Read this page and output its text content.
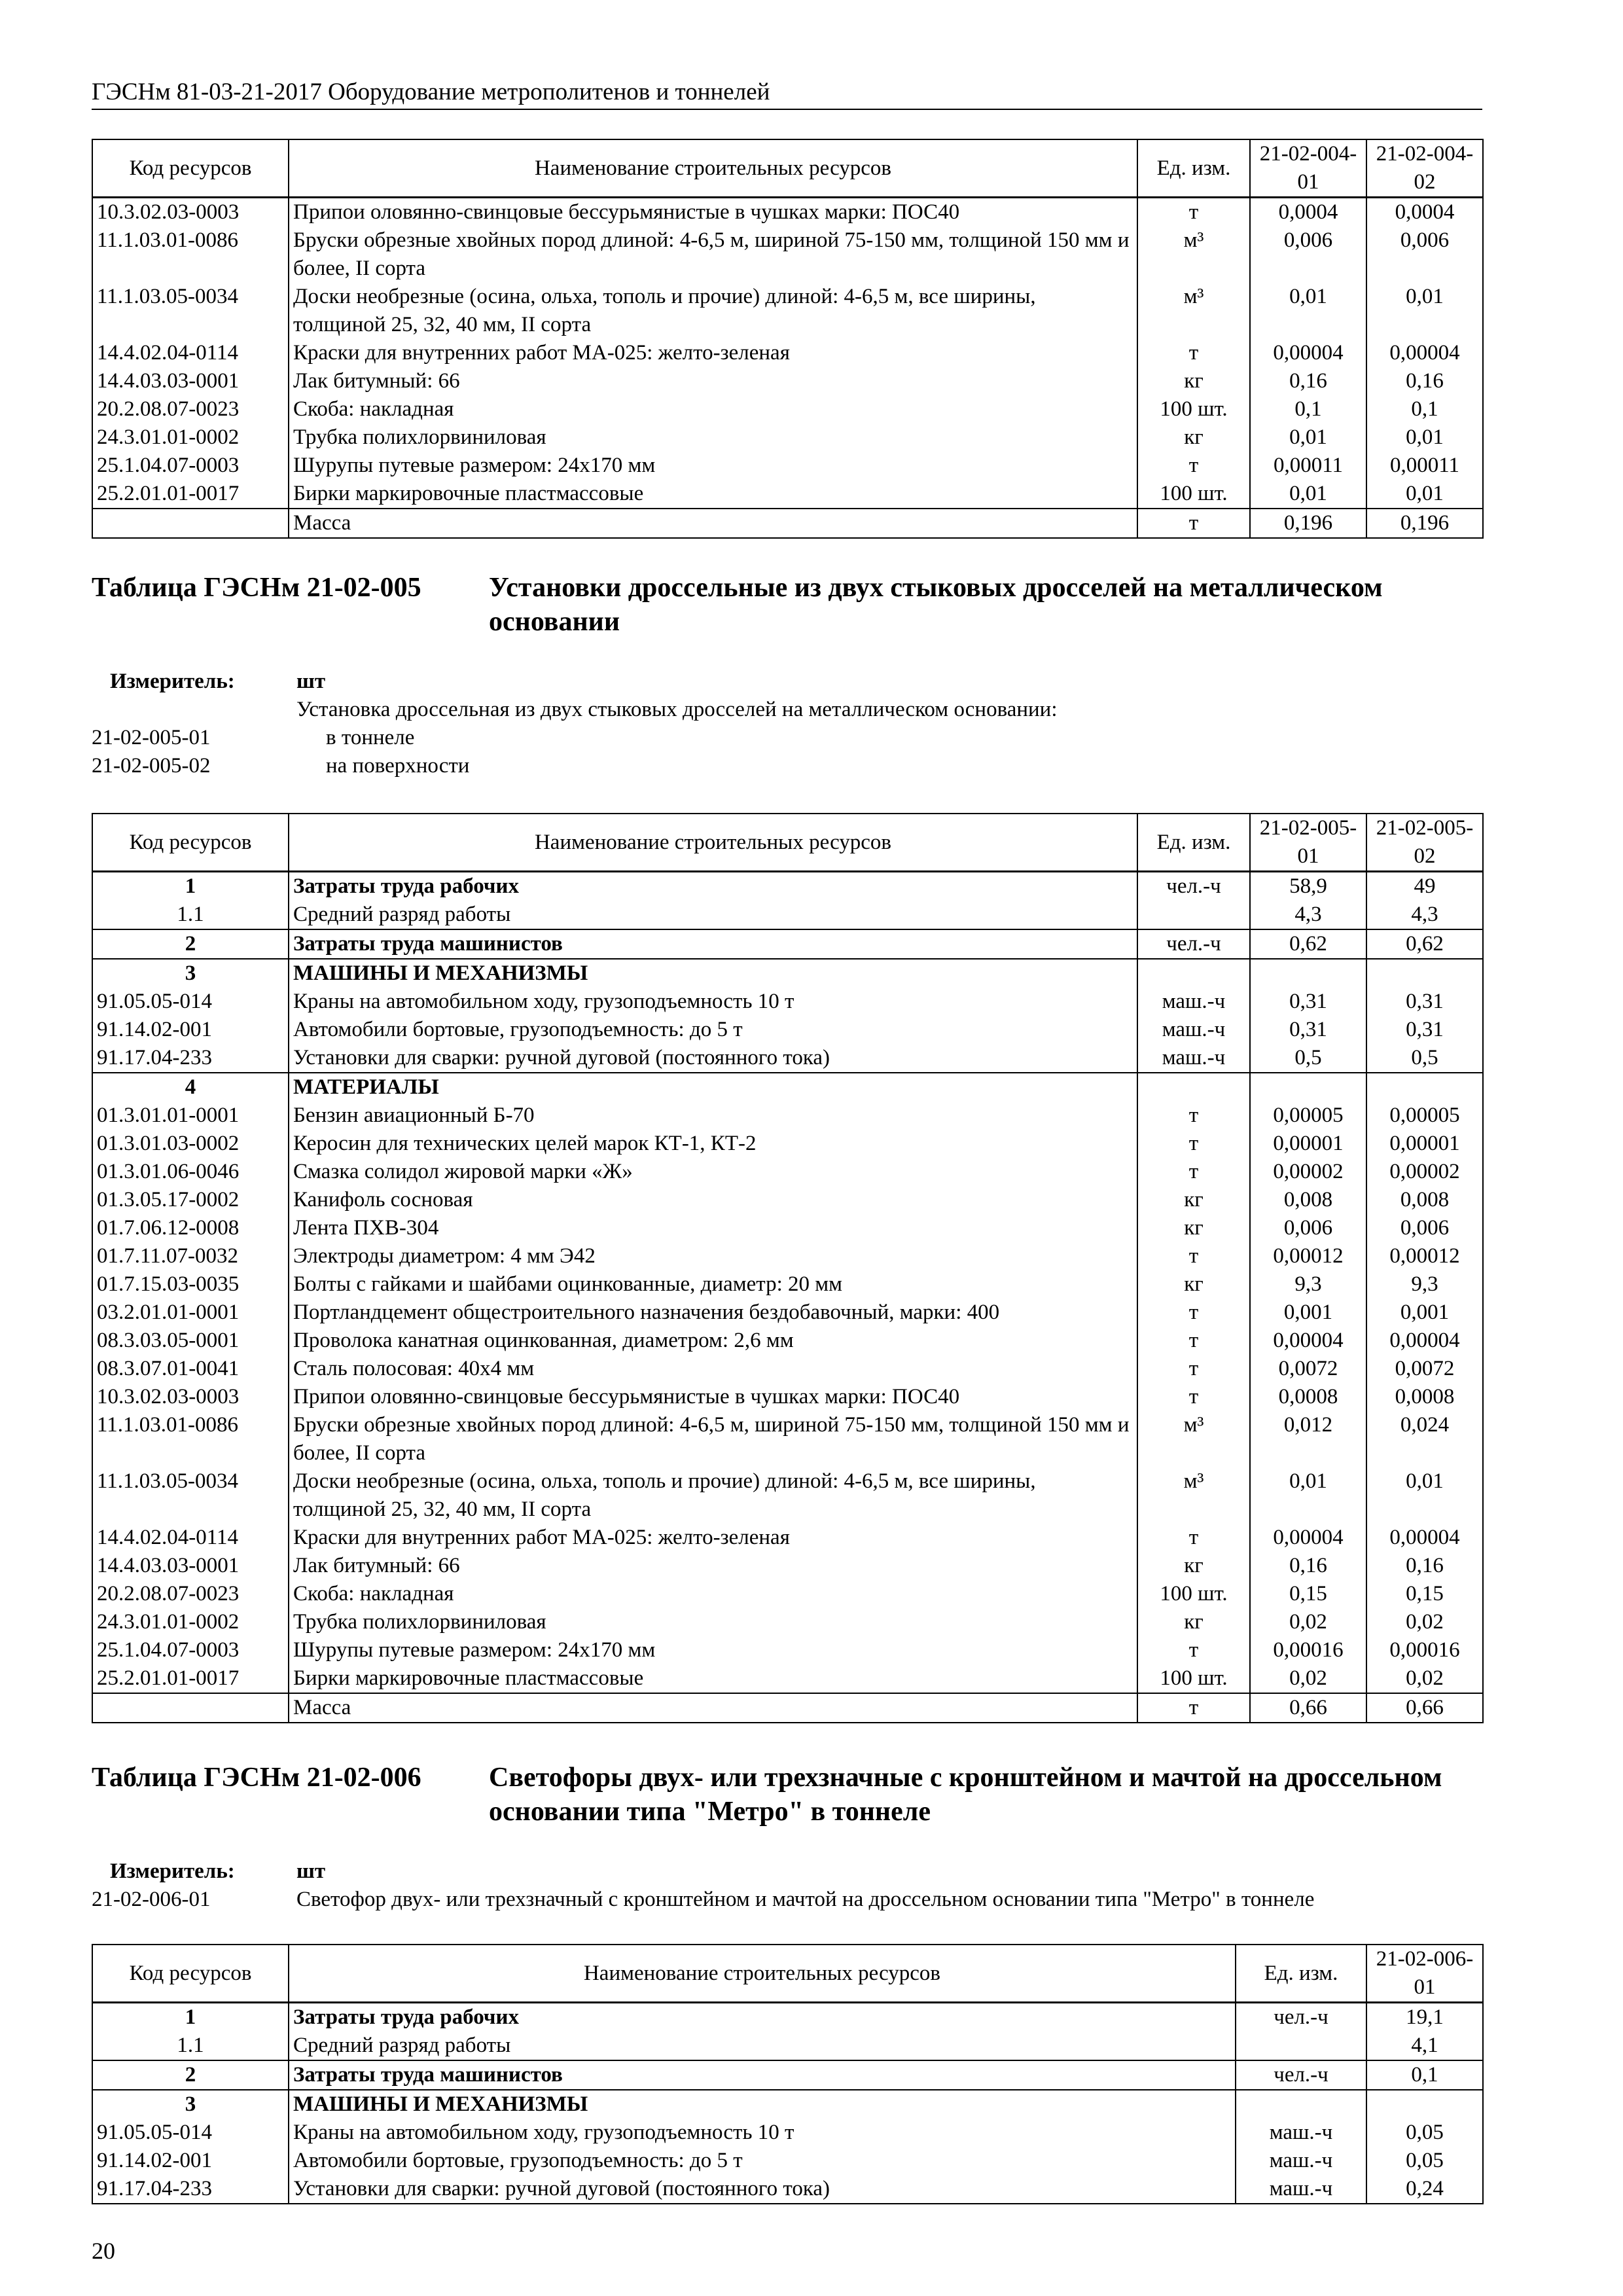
ГЭСНм 81-03-21-2017 Оборудование метрополитенов и тоннелей
Код ресурсов	Наименование строительных ресурсов	Ед. изм.	21-02-004-01	21-02-004-02
10.3.02.03-0003	Припои оловянно-свинцовые бессурьмянистые в чушках марки: ПОС40	т	0,0004	0,0004
11.1.03.01-0086	Бруски обрезные хвойных пород длиной: 4-6,5 м, шириной 75-150 мм, толщиной 150 мм и более, II сорта	м³	0,006	0,006
11.1.03.05-0034	Доски необрезные (осина, ольха, тополь и прочие) длиной: 4-6,5 м, все ширины, толщиной 25, 32, 40 мм, II сорта	м³	0,01	0,01
14.4.02.04-0114	Краски для внутренних работ МА-025: желто-зеленая	т	0,00004	0,00004
14.4.03.03-0001	Лак битумный: 66	кг	0,16	0,16
20.2.08.07-0023	Скоба: накладная	100 шт.	0,1	0,1
24.3.01.01-0002	Трубка полихлорвиниловая	кг	0,01	0,01
25.1.04.07-0003	Шурупы путевые размером: 24х170 мм	т	0,00011	0,00011
25.2.01.01-0017	Бирки маркировочные пластмассовые	100 шт.	0,01	0,01
	Масса	т	0,196	0,196
Таблица ГЭСНм 21-02-005 Установки дроссельные из двух стыковых дросселей на металлическом основании
Измеритель:	шт
Установка дроссельная из двух стыковых дросселей на металлическом основании:
21-02-005-01	в тоннеле
21-02-005-02	на поверхности
Код ресурсов	Наименование строительных ресурсов	Ед. изм.	21-02-005-01	21-02-005-02
1	Затраты труда рабочих	чел.-ч	58,9	49
1.1	Средний разряд работы		4,3	4,3
2	Затраты труда машинистов	чел.-ч	0,62	0,62
3	МАШИНЫ И МЕХАНИЗМЫ			
91.05.05-014	Краны на автомобильном ходу, грузоподъемность 10 т	маш.-ч	0,31	0,31
91.14.02-001	Автомобили бортовые, грузоподъемность: до 5 т	маш.-ч	0,31	0,31
91.17.04-233	Установки для сварки: ручной дуговой (постоянного тока)	маш.-ч	0,5	0,5
4	МАТЕРИАЛЫ			
01.3.01.01-0001	Бензин авиационный Б-70	т	0,00005	0,00005
01.3.01.03-0002	Керосин для технических целей марок КТ-1, КТ-2	т	0,00001	0,00001
01.3.01.06-0046	Смазка солидол жировой марки «Ж»	т	0,00002	0,00002
01.3.05.17-0002	Канифоль сосновая	кг	0,008	0,008
01.7.06.12-0008	Лента ПХВ-304	кг	0,006	0,006
01.7.11.07-0032	Электроды диаметром: 4 мм Э42	т	0,00012	0,00012
01.7.15.03-0035	Болты с гайками и шайбами оцинкованные, диаметр: 20 мм	кг	9,3	9,3
03.2.01.01-0001	Портландцемент общестроительного назначения бездобавочный, марки: 400	т	0,001	0,001
08.3.03.05-0001	Проволока канатная оцинкованная, диаметром: 2,6 мм	т	0,00004	0,00004
08.3.07.01-0041	Сталь полосовая: 40х4 мм	т	0,0072	0,0072
10.3.02.03-0003	Припои оловянно-свинцовые бессурьмянистые в чушках марки: ПОС40	т	0,0008	0,0008
11.1.03.01-0086	Бруски обрезные хвойных пород длиной: 4-6,5 м, шириной 75-150 мм, толщиной 150 мм и более, II сорта	м³	0,012	0,024
11.1.03.05-0034	Доски необрезные (осина, ольха, тополь и прочие) длиной: 4-6,5 м, все ширины, толщиной 25, 32, 40 мм, II сорта	м³	0,01	0,01
14.4.02.04-0114	Краски для внутренних работ МА-025: желто-зеленая	т	0,00004	0,00004
14.4.03.03-0001	Лак битумный: 66	кг	0,16	0,16
20.2.08.07-0023	Скоба: накладная	100 шт.	0,15	0,15
24.3.01.01-0002	Трубка полихлорвиниловая	кг	0,02	0,02
25.1.04.07-0003	Шурупы путевые размером: 24х170 мм	т	0,00016	0,00016
25.2.01.01-0017	Бирки маркировочные пластмассовые	100 шт.	0,02	0,02
	Масса	т	0,66	0,66
Таблица ГЭСНм 21-02-006 Светофоры двух- или трехзначные с кронштейном и мачтой на дроссельном основании типа "Метро" в тоннеле
Измеритель:	шт
21-02-006-01	Светофор двух- или трехзначный с кронштейном и мачтой на дроссельном основании типа "Метро" в тоннеле
Код ресурсов	Наименование строительных ресурсов	Ед. изм.	21-02-006-01
1	Затраты труда рабочих	чел.-ч	19,1
1.1	Средний разряд работы		4,1
2	Затраты труда машинистов	чел.-ч	0,1
3	МАШИНЫ И МЕХАНИЗМЫ		
91.05.05-014	Краны на автомобильном ходу, грузоподъемность 10 т	маш.-ч	0,05
91.14.02-001	Автомобили бортовые, грузоподъемность: до 5 т	маш.-ч	0,05
91.17.04-233	Установки для сварки: ручной дуговой (постоянного тока)	маш.-ч	0,24
20
